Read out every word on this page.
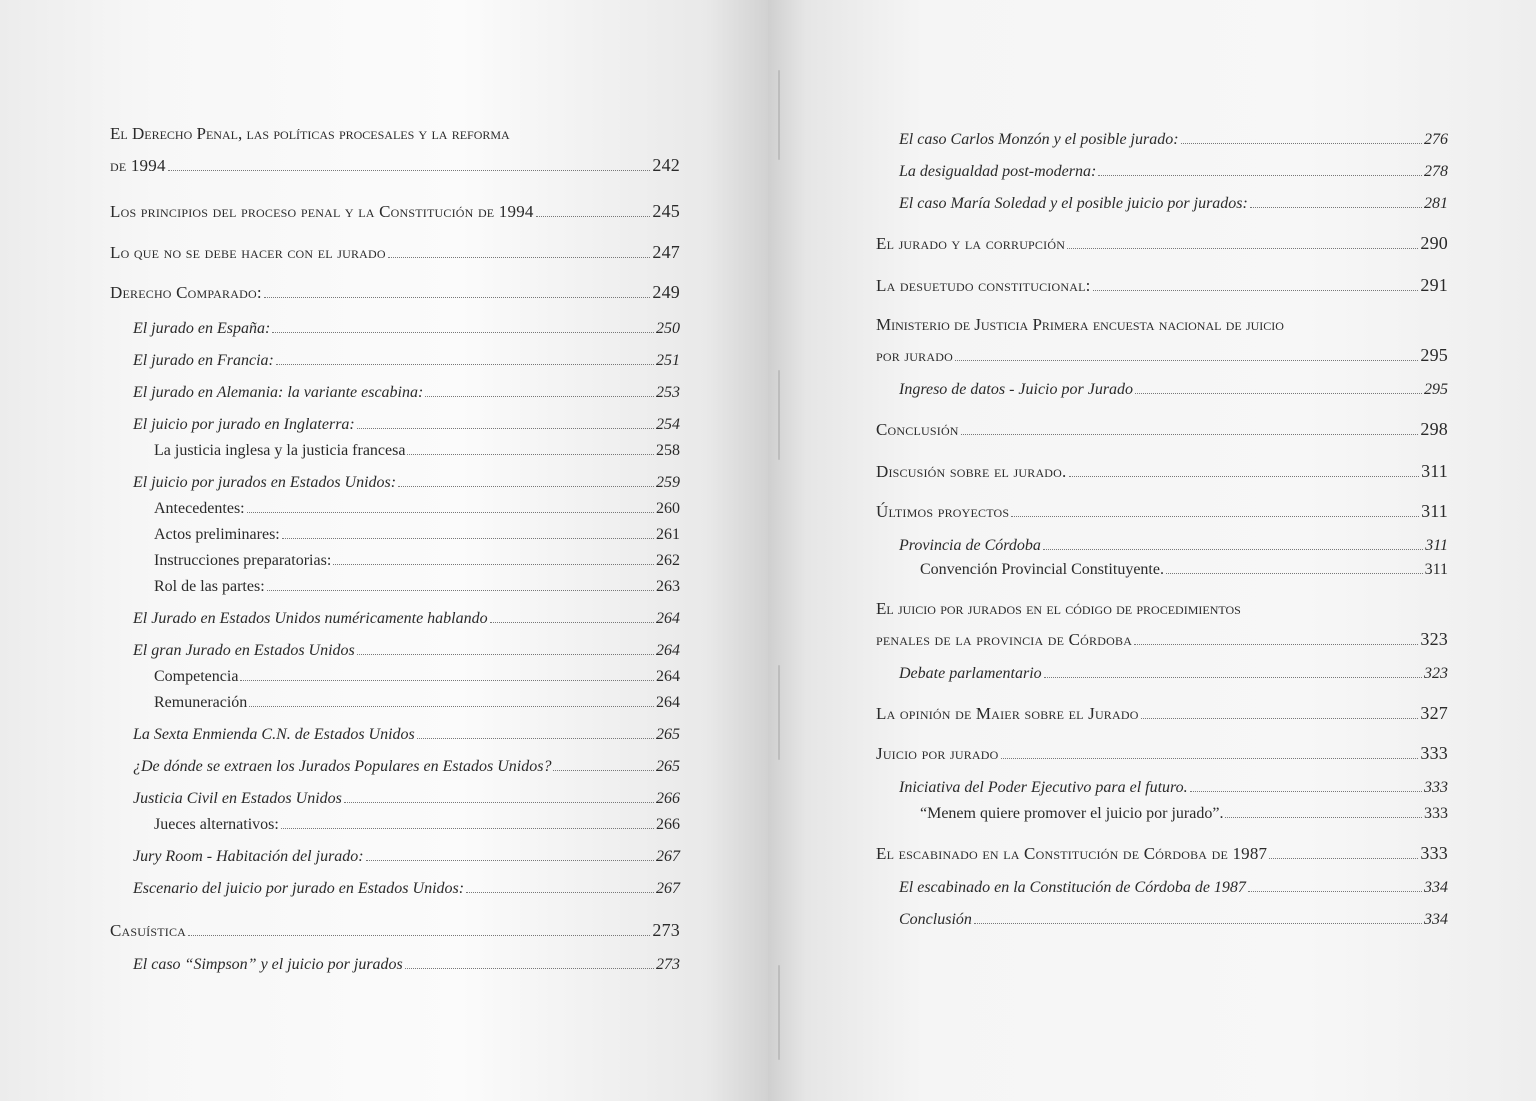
El Derecho Penal, las políticas procesales y la reforma
de 1994	242
Los principios del proceso penal y la Constitución de 1994	245
Lo que no se debe hacer con el jurado	247
Derecho Comparado:	249
El jurado en España:	250
El jurado en Francia:	251
El jurado en Alemania: la variante escabina:	253
El juicio por jurado en Inglaterra:	254
La justicia inglesa y la justicia francesa	258
El juicio por jurados en Estados Unidos:	259
Antecedentes:	260
Actos preliminares:	261
Instrucciones preparatorias:	262
Rol de las partes:	263
El Jurado en Estados Unidos numéricamente hablando	264
El gran Jurado en Estados Unidos	264
Competencia	264
Remuneración	264
La Sexta Enmienda C.N. de Estados Unidos	265
¿De dónde se extraen los Jurados Populares en Estados Unidos?	265
Justicia Civil en Estados Unidos	266
Jueces alternativos:	266
Jury Room - Habitación del jurado:	267
Escenario del juicio por jurado en Estados Unidos:	267
Casuística	273
El caso “Simpson” y el juicio por jurados	273
El caso Carlos Monzón y el posible jurado:	276
La desigualdad post-moderna:	278
El caso María Soledad y el posible juicio por jurados:	281
El jurado y la corrupción	290
La desuetudo constitucional:	291
Ministerio de Justicia Primera encuesta nacional de juicio
por jurado	295
Ingreso de datos - Juicio por Jurado	295
Conclusión	298
Discusión sobre el jurado.	311
Últimos proyectos	311
Provincia de Córdoba	311
Convención Provincial Constituyente.	311
El juicio por jurados en el código de procedimientos
penales de la provincia de Córdoba	323
Debate parlamentario	323
La opinión de Maier sobre el Jurado	327
Juicio por jurado	333
Iniciativa del Poder Ejecutivo para el futuro.	333
“Menem quiere promover el juicio por jurado”.	333
El escabinado en la Constitución de Córdoba de 1987	333
El escabinado en la Constitución de Córdoba de 1987	334
Conclusión	334
